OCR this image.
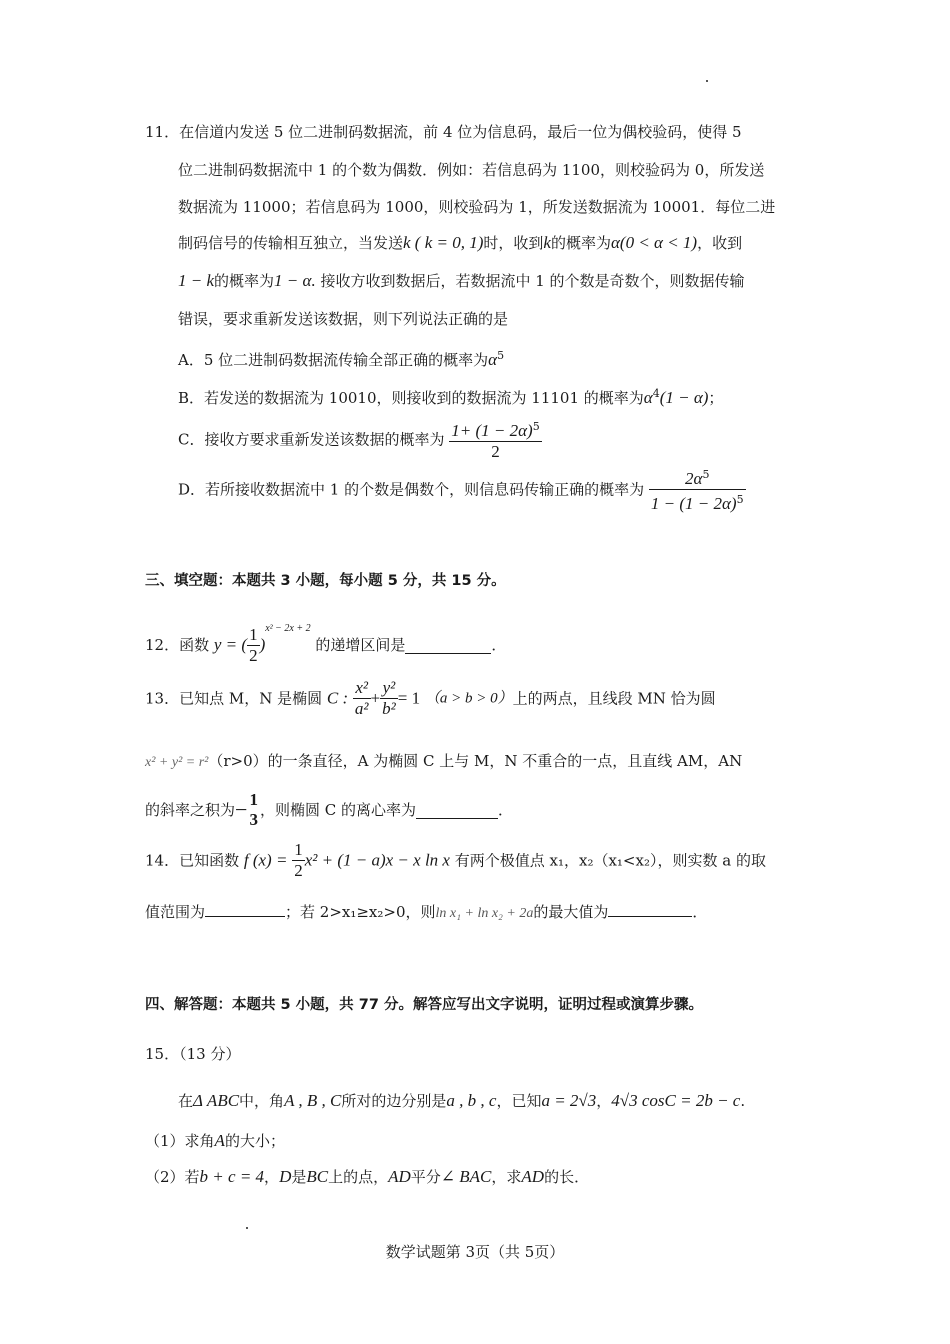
11．在信道内发送 5 位二进制码数据流，前 4 位为信息码，最后一位为偶校验码，使得 5
位二进制码数据流中 1 的个数为偶数．例如：若信息码为 1100，则校验码为 0，所发送
数据流为 11000；若信息码为 1000，则校验码为 1，所发送数据流为 10001．每位二进
制码信号的传输相互独立，当发送k ( k = 0, 1)时，收到k的概率为α(0 < α < 1)，收到
1 − k的概率为1 − α. 接收方收到数据后，若数据流中 1 的个数是奇数个，则数据传输
错误，要求重新发送该数据，则下列说法正确的是
A．5 位二进制码数据流传输全部正确的概率为$\alpha^5$
B．若发送的数据流为 10010，则接收到的数据流为 11101 的概率为$\alpha^4(1 - \alpha)$；
C．接收方要求重新发送该数据的概率为 $\frac{1+ (1 - 2\alpha)^5}{2}$
D．若所接收数据流中 1 的个数是偶数个，则信息码传输正确的概率为 $\frac{2\alpha^5}{1 - (1 - 2\alpha)^5}$
三、填空题：本题共 3 小题，每小题 5 分，共 15 分。
12．函数 y = ( $\frac{1}{2} )^{x^2 - 2x + 2}$ 的递增区间是	．
13．已知点 M，N 是椭圆 C : $\frac{\text{x²}}{\text{a²}} + \frac{\text{y²}}{\text{b²}} = 1$ （a > b > 0）上的两点，且线段 MN 恰为圆
x² + y² = r²（r>0）的一条直径，A 为椭圆 C 上与 M，N 不重合的一点，且直线 AM，AN
的斜率之积为− 1
3 ，则椭圆 C 的离心率为	．
14．已知函数 f $(x) = \frac{1}{2} x^2 + (1 - a)x - x$ ln x 有两个极值点 x₁，x₂（x₁<x₂），则实数 a 的取
值范围为	；若 2>x₁≥x₂>0，则ln x₁ + ln x₂ + 2a的最大值为	．
四、解答题：本题共 5 小题，共 77 分。解答应写出文字说明，证明过程或演算步骤。
15．（13 分）
在Δ ABC中，角A , B , C所对的边分别是a , b , c，已知a = 2√3，4√3 cosC = 2b − c.
（1）求角A的大小；
（2）若b + c = 4，D是BC上的点，AD平分∠ BAC，求AD的长．
数学试题第 3页（共 5页）
